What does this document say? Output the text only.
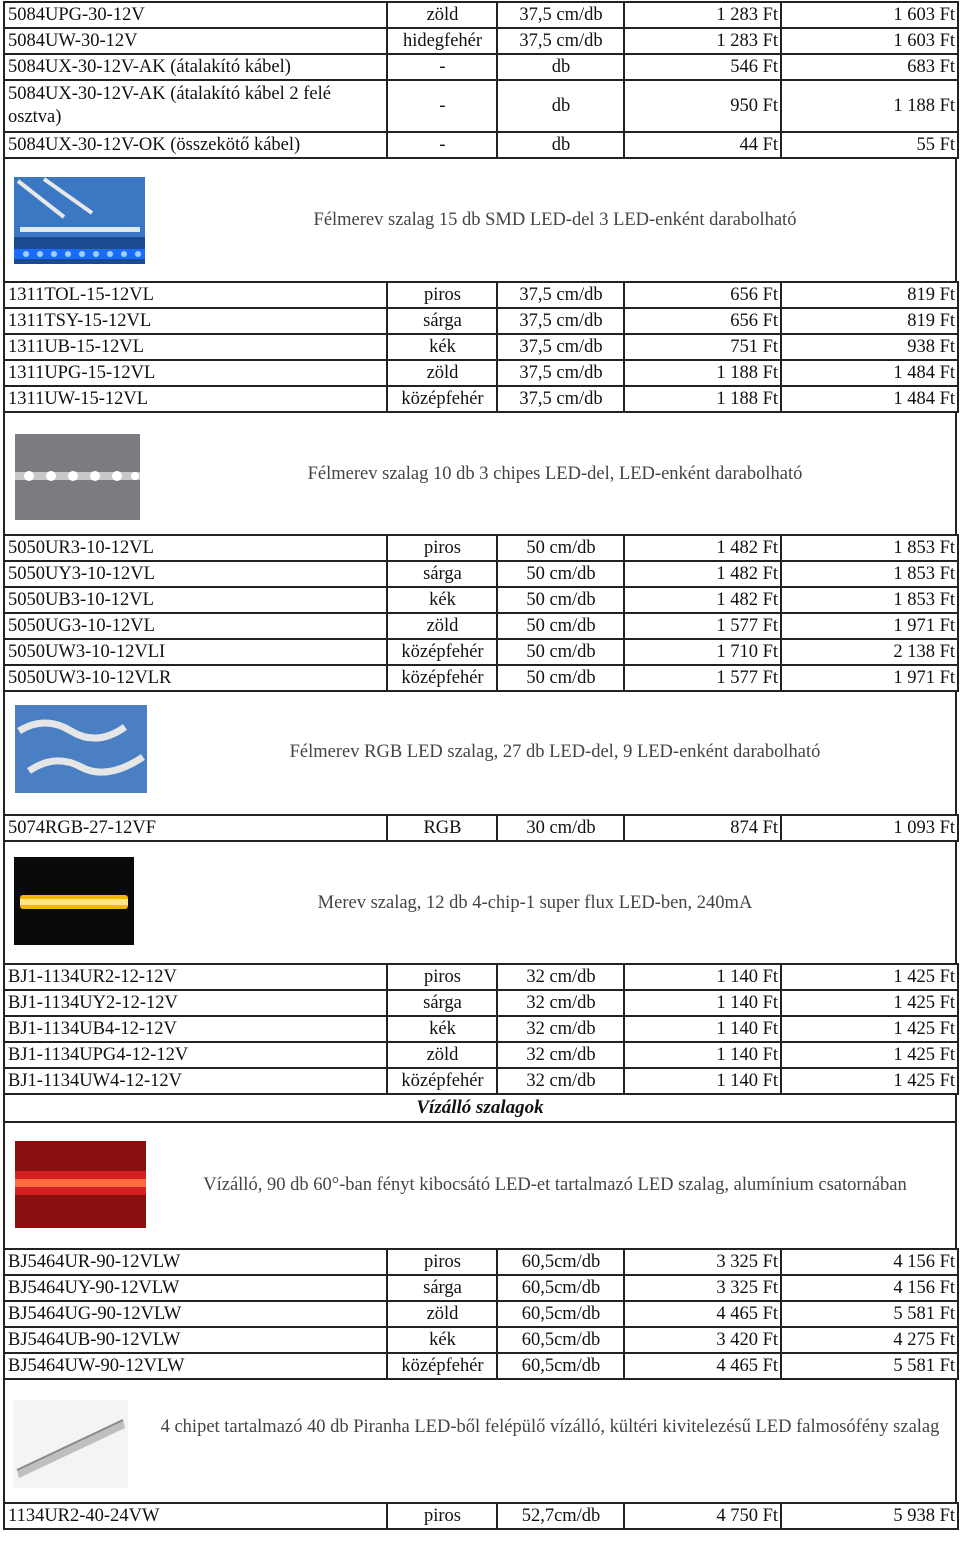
5084UPG-30-12V	zöld	37,5 cm/db	1 283 Ft	1 603 Ft
5084UW-30-12V	hidegfehér	37,5 cm/db	1 283 Ft	1 603 Ft
5084UX-30-12V-AK (átalakító kábel)	-	db	546 Ft	683 Ft
5084UX-30-12V-AK (átalakító kábel 2 felé osztva)	-	db	950 Ft	1 188 Ft
5084UX-30-12V-OK (összekötő kábel)	-	db	44 Ft	55 Ft
Félmerev szalag 15 db SMD LED-del 3 LED-enként darabolható
1311TOL-15-12VL	piros	37,5 cm/db	656 Ft	819 Ft
1311TSY-15-12VL	sárga	37,5 cm/db	656 Ft	819 Ft
1311UB-15-12VL	kék	37,5 cm/db	751 Ft	938 Ft
1311UPG-15-12VL	zöld	37,5 cm/db	1 188 Ft	1 484 Ft
1311UW-15-12VL	középfehér	37,5 cm/db	1 188 Ft	1 484 Ft
Félmerev szalag 10 db 3 chipes LED-del, LED-enként darabolható
5050UR3-10-12VL	piros	50 cm/db	1 482 Ft	1 853 Ft
5050UY3-10-12VL	sárga	50 cm/db	1 482 Ft	1 853 Ft
5050UB3-10-12VL	kék	50 cm/db	1 482 Ft	1 853 Ft
5050UG3-10-12VL	zöld	50 cm/db	1 577 Ft	1 971 Ft
5050UW3-10-12VLI	középfehér	50 cm/db	1 710 Ft	2 138 Ft
5050UW3-10-12VLR	középfehér	50 cm/db	1 577 Ft	1 971 Ft
Félmerev RGB LED szalag, 27 db LED-del, 9 LED-enként darabolható
5074RGB-27-12VF	RGB	30 cm/db	874 Ft	1 093 Ft
Merev szalag, 12 db 4-chip-1 super flux LED-ben, 240mA
BJ1-1134UR2-12-12V	piros	32 cm/db	1 140 Ft	1 425 Ft
BJ1-1134UY2-12-12V	sárga	32 cm/db	1 140 Ft	1 425 Ft
BJ1-1134UB4-12-12V	kék	32 cm/db	1 140 Ft	1 425 Ft
BJ1-1134UPG4-12-12V	zöld	32 cm/db	1 140 Ft	1 425 Ft
BJ1-1134UW4-12-12V	középfehér	32 cm/db	1 140 Ft	1 425 Ft
Vízálló szalagok
Vízálló, 90 db 60°-ban fényt kibocsátó LED-et tartalmazó LED szalag, alumínium csatornában
BJ5464UR-90-12VLW	piros	60,5cm/db	3 325 Ft	4 156 Ft
BJ5464UY-90-12VLW	sárga	60,5cm/db	3 325 Ft	4 156 Ft
BJ5464UG-90-12VLW	zöld	60,5cm/db	4 465 Ft	5 581 Ft
BJ5464UB-90-12VLW	kék	60,5cm/db	3 420 Ft	4 275 Ft
BJ5464UW-90-12VLW	középfehér	60,5cm/db	4 465 Ft	5 581 Ft
4 chipet tartalmazó 40 db Piranha LED-ből felépülő vízálló, kültéri kivitelezésű LED falmosófény szalag
1134UR2-40-24VW	piros	52,7cm/db	4 750 Ft	5 938 Ft
